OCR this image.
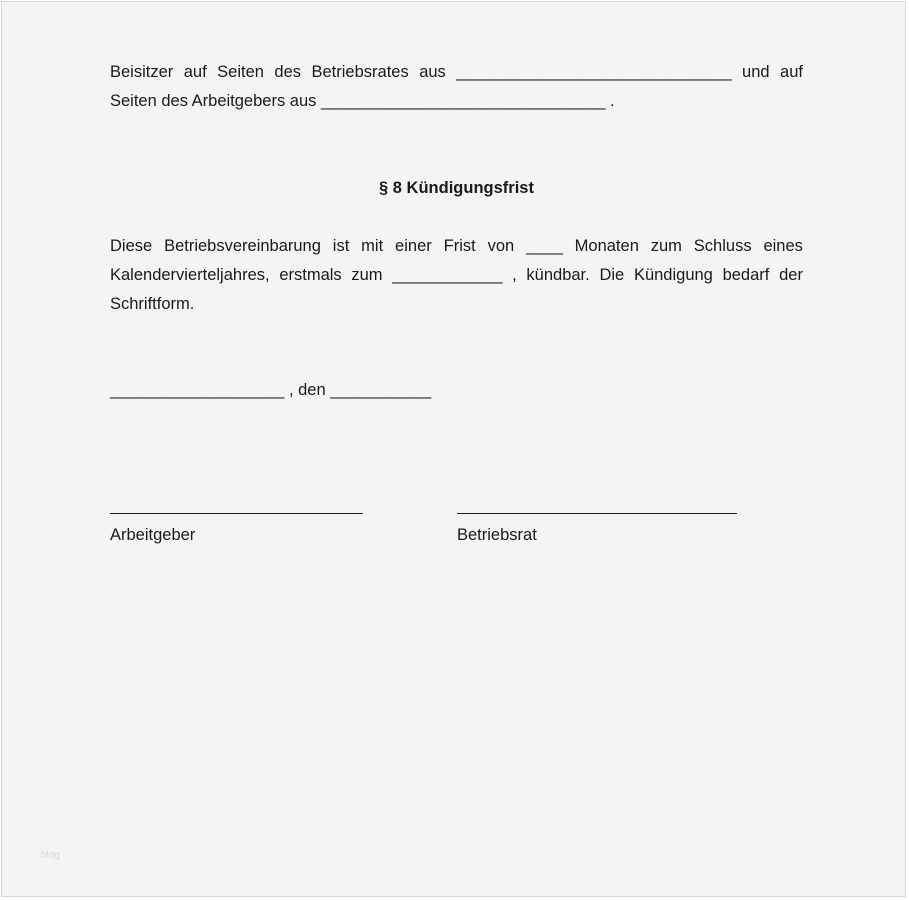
Beisitzer auf Seiten des Betriebsrates aus ______________________________ und auf
Seiten des Arbeitgebers aus _______________________________ .
§ 8 Kündigungsfrist
Diese Betriebsvereinbarung ist mit einer Frist von ____ Monaten zum Schluss eines
Kalendervierteljahres, erstmals zum ____________ , kündbar. Die Kündigung bedarf der
Schriftform.
___________________ , den ___________
Arbeitgeber	Betriebsrat
blog
